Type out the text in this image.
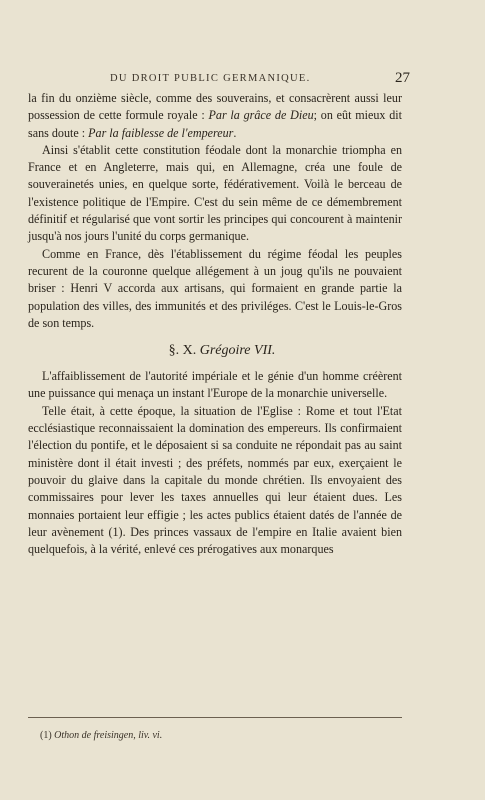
DU DROIT PUBLIC GERMANIQUE.	27

la fin du onzième siècle, comme des souverains, et consacrèrent aussi leur possession de cette formule royale : Par la grâce de Dieu; on eût mieux dit sans doute : Par la faiblesse de l'empereur.

Ainsi s'établit cette constitution féodale dont la monarchie triompha en France et en Angleterre, mais qui, en Allemagne, créa une foule de souverainetés unies, en quelque sorte, fédérativement. Voilà le berceau de l'existence politique de l'Empire. C'est du sein même de ce démembrement définitif et régularisé que vont sortir les principes qui concourent à maintenir jusqu'à nos jours l'unité du corps germanique.

Comme en France, dès l'établissement du régime féodal les peuples recurent de la couronne quelque allégement à un joug qu'ils ne pouvaient briser : Henri V accorda aux artisans, qui formaient en grande partie la population des villes, des immunités et des priviléges. C'est le Louis-le-Gros de son temps.

§. X. Grégoire VII.

L'affaiblissement de l'autorité impériale et le génie d'un homme créèrent une puissance qui menaça un instant l'Europe de la monarchie universelle.

Telle était, à cette époque, la situation de l'Eglise : Rome et tout l'Etat ecclésiastique reconnaissaient la domination des empereurs. Ils confirmaient l'élection du pontife, et le déposaient si sa conduite ne répondait pas au saint ministère dont il était investi ; des préfets, nommés par eux, exerçaient le pouvoir du glaive dans la capitale du monde chrétien. Ils envoyaient des commissaires pour lever les taxes annuelles qui leur étaient dues. Les monnaies portaient leur effigie ; les actes publics étaient datés de l'année de leur avènement (1). Des princes vassaux de l'empire en Italie avaient bien quelquefois, à la vérité, enlevé ces prérogatives aux monarques

(1) Othon de freisingen, liv. vi.
